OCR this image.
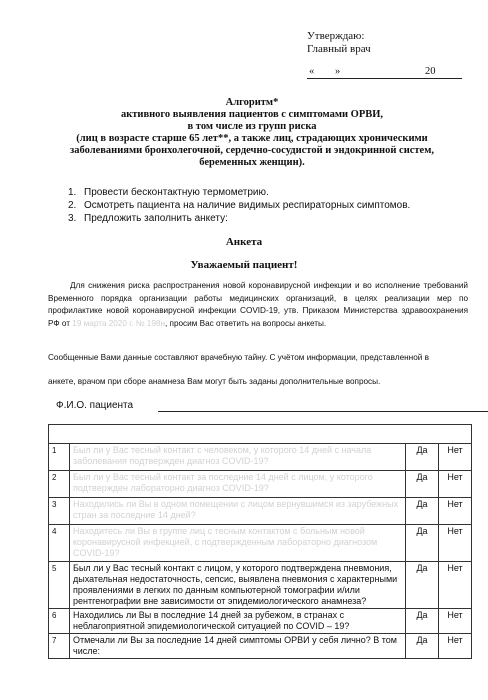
Утверждаю:
Главный врач
« »	20
Алгоритм*
активного выявления пациентов с симптомами ОРВИ,
в том числе из групп риска
(лиц в возрасте старше 65 лет**, а также лиц, страдающих хроническими
заболеваниями бронхолегочной, сердечно-сосудистой и эндокринной систем,
беременных женщин).
1. Провести бесконтактную термометрию.
2. Осмотреть пациента на наличие видимых респираторных симптомов.
3. Предложить заполнить анкету:
Анкета
Уважаемый пациент!
Для снижения риска распространения новой коронавирусной инфекции и во исполнение требований Временного порядка организации работы медицинских организаций, в целях реализации мер по профилактике новой коронавирусной инфекции COVID-19, утв. Приказом Министерства здравоохранения РФ от 19 марта 2020 г. № 198н, просим Вас ответить на вопросы анкеты.
Сообщенные Вами данные составляют врачебную тайну. С учётом информации, представленной в
анкете, врачом при сборе анамнеза Вам могут быть заданы дополнительные вопросы.
Ф.И.О. пациента

1	Был ли у Вас тесный контакт с человеком, у которого 14 дней с начала заболевания подтвержден диагноз COVID-19?	Да	Нет
2	Был ли у Вас тесный контакт за последние 14 дней с лицом, у которого подтвержден лабораторно диагноз COVID-19?	Да	Нет
3	Находились ли Вы в одном помещении с лицом вернувшимся из зарубежных стран за последние 14 дней?	Да	Нет
4	Находитесь ли Вы в группе лиц с тесным контактом с больным новой коронавирусной инфекцией, с подтвержденным лабораторно диагнозом COVID-19?	Да	Нет
5	Был ли у Вас тесный контакт с лицом, у которого подтверждена пневмония, дыхательная недостаточность, сепсис, выявлена пневмония с характерными проявлениями в легких по данным компьютерной томографии и/или рентгенографии вне зависимости от эпидемиологического анамнеза?	Да	Нет
6	Находились ли Вы в последние 14 дней за рубежом, в странах с неблагоприятной эпидемиологической ситуацией по COVID – 19?	Да	Нет
7	Отмечали ли Вы за последние 14 дней симптомы ОРВИ у себя лично? В том числе:	Да	Нет
